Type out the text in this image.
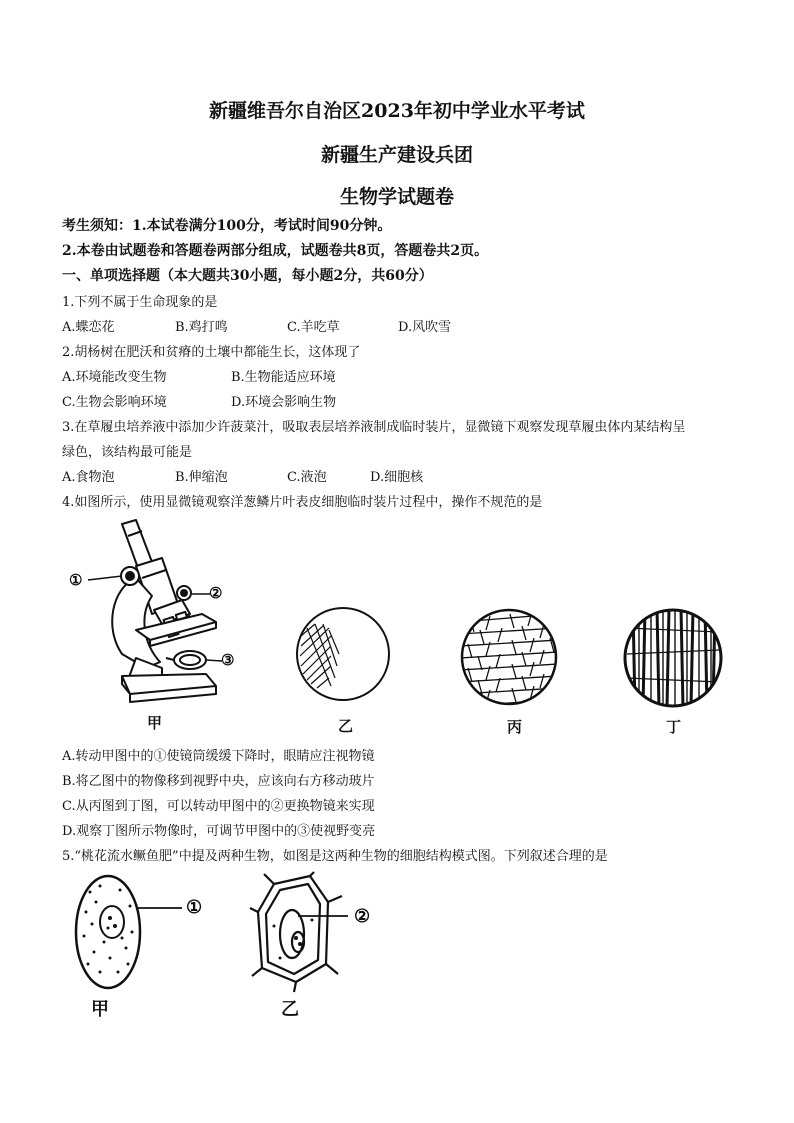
新疆维吾尔自治区2023年初中学业水平考试
新疆生产建设兵团
生物学试题卷
考生须知：1.本试卷满分100分，考试时间90分钟。
2.本卷由试题卷和答题卷两部分组成，试题卷共8页，答题卷共2页。
一、单项选择题（本大题共30小题，每小题2分，共60分）
1.下列不属于生命现象的是
A.蝶恋花	B.鸡打鸣	C.羊吃草	D.风吹雪
2.胡杨树在肥沃和贫瘠的土壤中都能生长，这体现了
A.环境能改变生物	B.生物能适应环境
C.生物会影响环境	D.环境会影响生物
3.在草履虫培养液中添加少许菠菜汁，吸取表层培养液制成临时装片，显微镜下观察发现草履虫体内某结构呈
绿色，该结构最可能是
A.食物泡	B.伸缩泡	C.液泡	D.细胞核
4.如图所示，使用显微镜观察洋葱鳞片叶表皮细胞临时装片过程中，操作不规范的是
①
②
③
甲	乙	丙	丁
A.转动甲图中的①使镜筒缓缓下降时，眼睛应注视物镜
B.将乙图中的物像移到视野中央，应该向右方移动玻片
C.从丙图到丁图，可以转动甲图中的②更换物镜来实现
D.观察丁图所示物像时，可调节甲图中的③使视野变亮
5.“桃花流水鳜鱼肥”中提及两种生物，如图是这两种生物的细胞结构模式图。下列叙述合理的是
①
甲
②
乙
